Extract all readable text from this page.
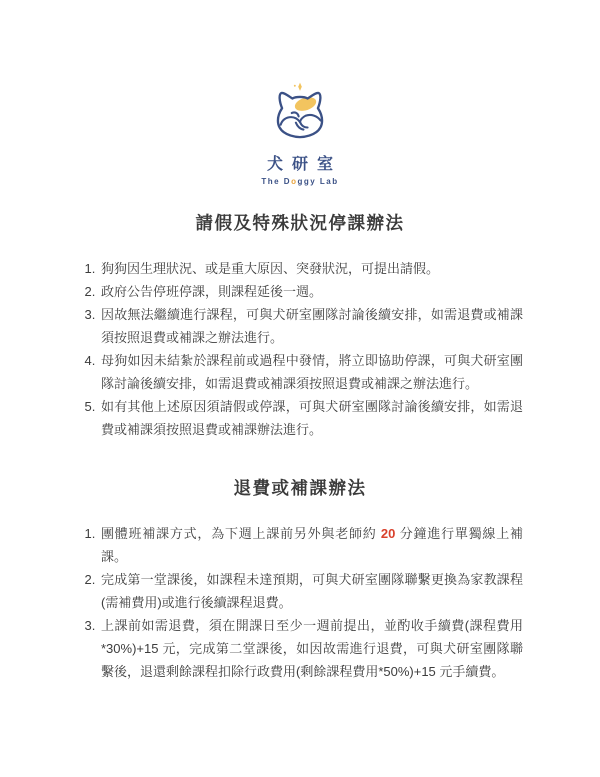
犬研室
The Doggy Lab
請假及特殊狀況停課辦法
1. 狗狗因生理狀況、或是重大原因、突發狀況，可提出請假。
2. 政府公告停班停課，則課程延後一週。
3. 因故無法繼續進行課程，可與犬研室團隊討論後續安排，如需退費或補課須按照退費或補課之辦法進行。
4. 母狗如因未結紮於課程前或過程中發情，將立即協助停課，可與犬研室團隊討論後續安排，如需退費或補課須按照退費或補課之辦法進行。
5. 如有其他上述原因須請假或停課，可與犬研室團隊討論後續安排，如需退費或補課須按照退費或補課辦法進行。
退費或補課辦法
1. 團體班補課方式，為下週上課前另外與老師約 20 分鐘進行單獨線上補課。
2. 完成第一堂課後，如課程未達預期，可與犬研室團隊聯繫更換為家教課程(需補費用)或進行後續課程退費。
3. 上課前如需退費，須在開課日至少一週前提出，並酌收手續費(課程費用*30%)+15 元，完成第二堂課後，如因故需進行退費，可與犬研室團隊聯繫後，退還剩餘課程扣除行政費用(剩餘課程費用*50%)+15 元手續費。
